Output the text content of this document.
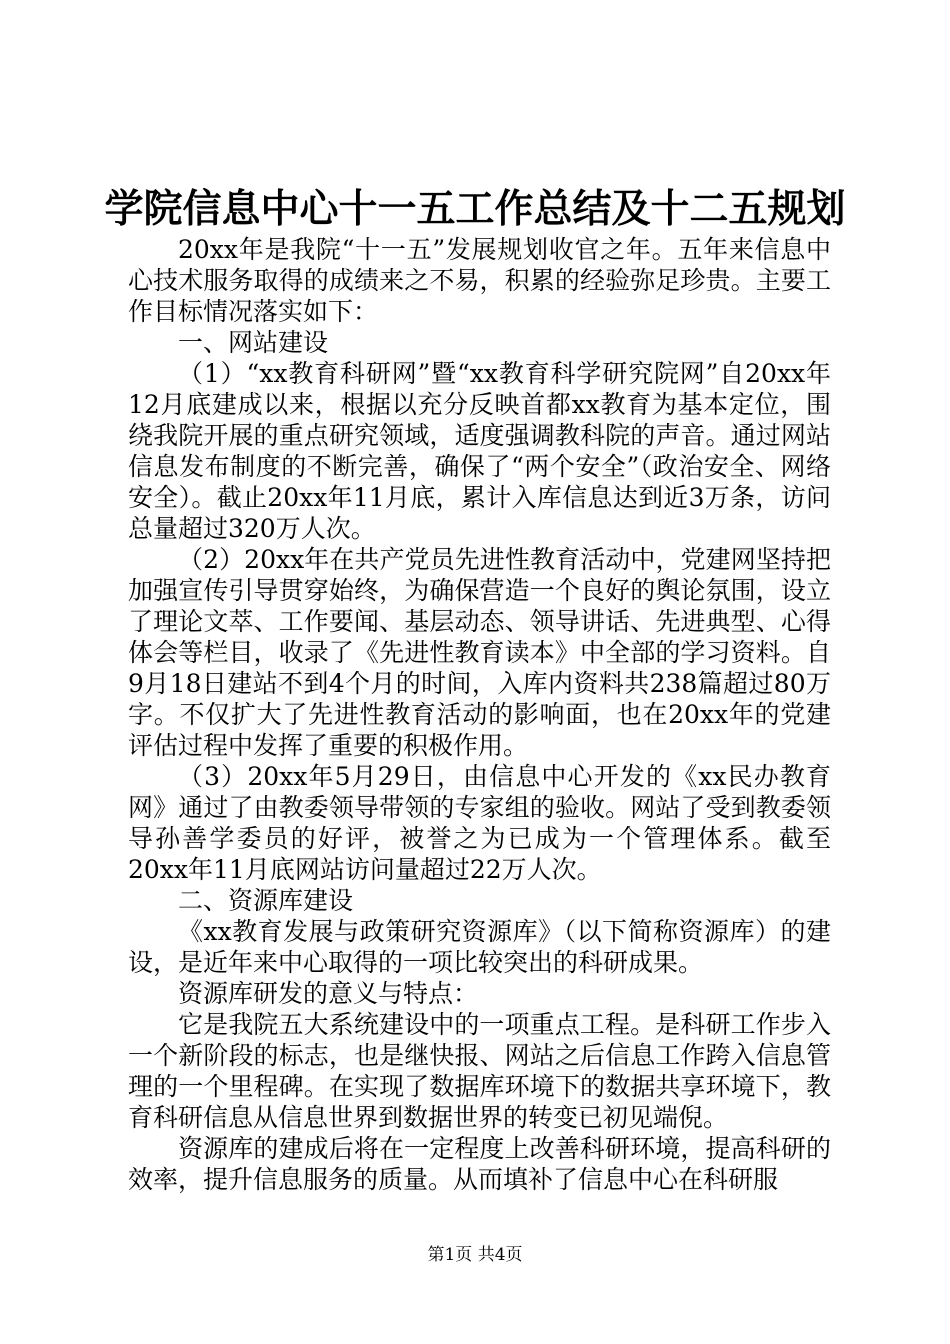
学院信息中心十一五工作总结及十二五规划

20xx年是我院“十一五”发展规划收官之年。五年来信息中心技术服务取得的成绩来之不易，积累的经验弥足珍贵。主要工作目标情况落实如下：

一、网站建设

（1）“xx教育科研网”暨“xx教育科学研究院网”自20xx年12月底建成以来，根据以充分反映首都xx教育为基本定位，围绕我院开展的重点研究领域，适度强调教科院的声音。通过网站信息发布制度的不断完善，确保了“两个安全”（政治安全、网络安全）。截止20xx年11月底，累计入库信息达到近3万条，访问总量超过320万人次。

（2）20xx年在共产党员先进性教育活动中，党建网坚持把加强宣传引导贯穿始终，为确保营造一个良好的舆论氛围，设立了理论文萃、工作要闻、基层动态、领导讲话、先进典型、心得体会等栏目，收录了《先进性教育读本》中全部的学习资料。自9月18日建站不到4个月的时间，入库内资料共238篇超过80万字。不仅扩大了先进性教育活动的影响面，也在20xx年的党建评估过程中发挥了重要的积极作用。

（3）20xx年5月29日，由信息中心开发的《xx民办教育网》通过了由教委领导带领的专家组的验收。网站了受到教委领导孙善学委员的好评，被誉之为已成为一个管理体系。截至20xx年11月底网站访问量超过22万人次。

二、资源库建设

《xx教育发展与政策研究资源库》（以下简称资源库）的建设，是近年来中心取得的一项比较突出的科研成果。

资源库研发的意义与特点：

它是我院五大系统建设中的一项重点工程。是科研工作步入一个新阶段的标志，也是继快报、网站之后信息工作跨入信息管理的一个里程碑。在实现了数据库环境下的数据共享环境下，教育科研信息从信息世界到数据世界的转变已初见端倪。

资源库的建成后将在一定程度上改善科研环境，提高科研的效率，提升信息服务的质量。从而填补了信息中心在科研服

第1页 共4页
